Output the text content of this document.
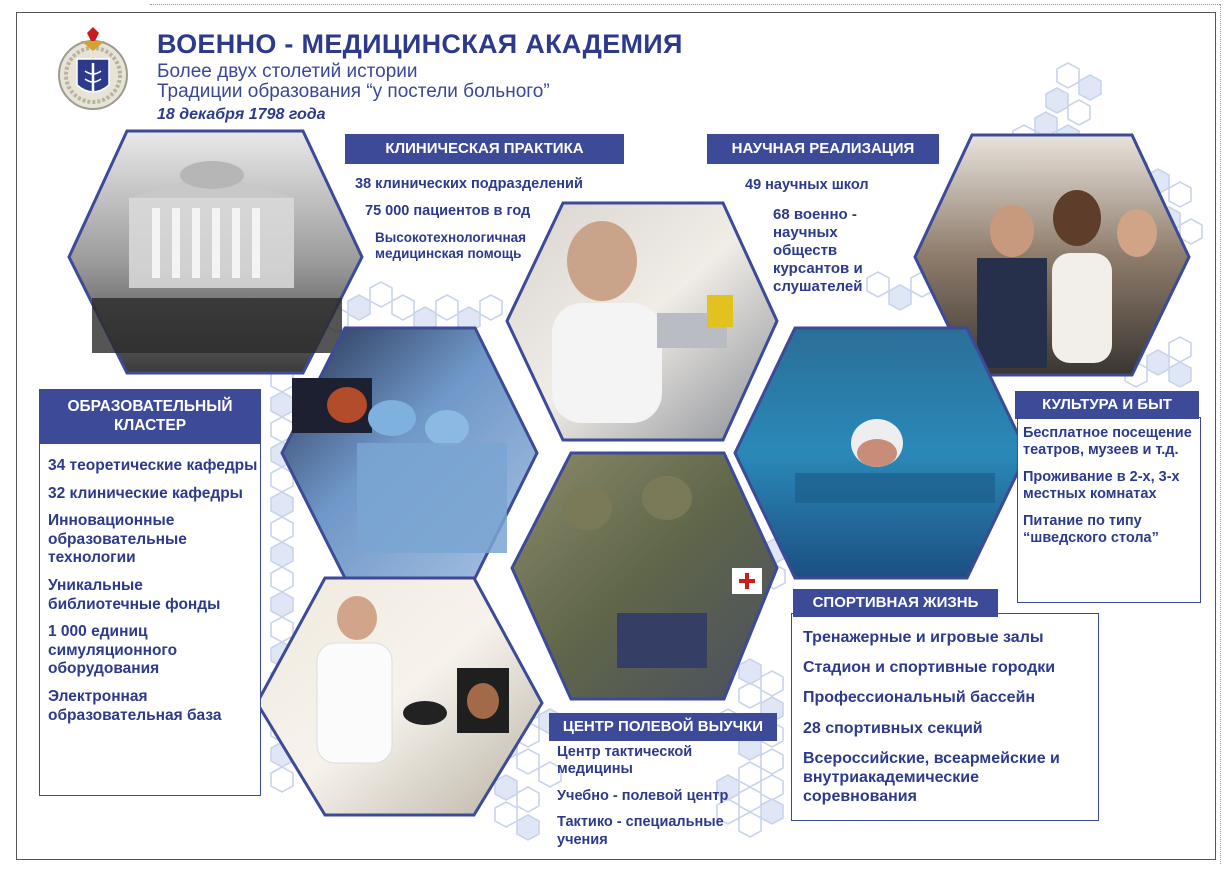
ВОЕННО - МЕДИЦИНСКАЯ АКАДЕМИЯ
Более двух столетий истории
Традиции образования “у постели больного”
18 декабря 1798 года
КЛИНИЧЕСКАЯ ПРАКТИКА
38 клинических подразделений
75 000 пациентов в год
Высокотехнологичная медицинская помощь
НАУЧНАЯ РЕАЛИЗАЦИЯ
49 научных школ
68 военно - научных обществ курсантов и слушателей
ОБРАЗОВАТЕЛЬНЫЙ КЛАСТЕР
34 теоретические кафедры
32 клинические кафедры
Инновационные образовательные технологии
Уникальные библиотечные фонды
1 000 единиц симуляционного оборудования
Электронная образовательная база
КУЛЬТУРА И БЫТ
Бесплатное посещение театров, музеев и т.д.
Проживание в 2-х, 3-х местных комнатах
Питание по типу “шведского стола”
СПОРТИВНАЯ ЖИЗНЬ
Тренажерные и игровые залы
Стадион и спортивные городки
Профессиональный бассейн
28 спортивных секций
Всероссийские, всеармейские и внутриакадемические соревнования
ЦЕНТР ПОЛЕВОЙ ВЫУЧКИ
Центр тактической медицины
Учебно - полевой центр
Тактико - специальные учения
